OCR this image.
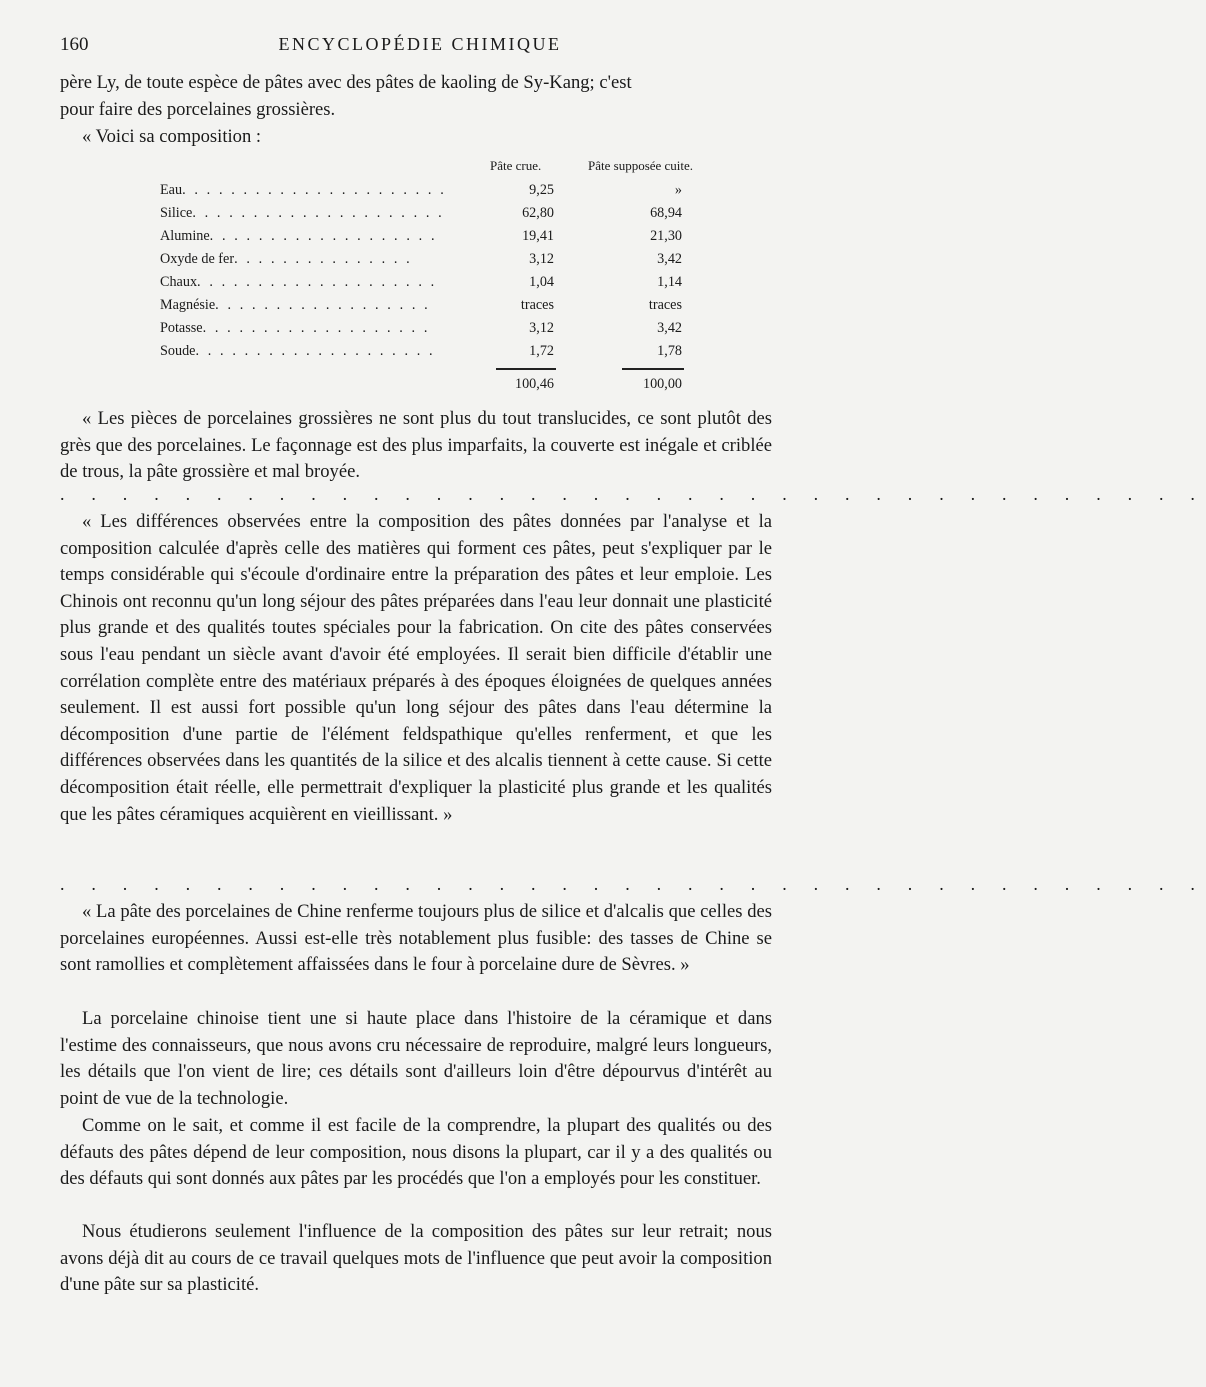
160	ENCYCLOPÉDIE CHIMIQUE

père Ly, de toute espèce de pâtes avec des pâtes de kaoling de Sy-Kang; c'est
pour faire des porcelaines grossières.

« Voici sa composition :

Pâte crue.	Pâte supposée cuite.
Eau. . . . . . . . . . . . . . . . . . . . . .	9,25	»
Silice. . . . . . . . . . . . . . . . . . . . .	62,80	68,94
Alumine. . . . . . . . . . . . . . . . . . .	19,41	21,30
Oxyde de fer. . . . . . . . . . . . . . .	3,12	3,42
Chaux. . . . . . . . . . . . . . . . . . . .	1,04	1,14
Magnésie. . . . . . . . . . . . . . . . . .	traces	traces
Potasse. . . . . . . . . . . . . . . . . . .	3,12	3,42
Soude. . . . . . . . . . . . . . . . . . . .	1,72	1,78
100,46	100,00

« Les pièces de porcelaines grossières ne sont plus du tout translucides, ce sont plutôt des grès que des porcelaines. Le façonnage est des plus imparfaits, la couverte est inégale et criblée de trous, la pâte grossière et mal broyée.

. . . . . . . . . . . . . . . . . . . . . . . . . . . . . . . . . . . . .

« Les différences observées entre la composition des pâtes données par l'analyse et la composition calculée d'après celle des matières qui forment ces pâtes, peut s'expliquer par le temps considérable qui s'écoule d'ordinaire entre la préparation des pâtes et leur emploie. Les Chinois ont reconnu qu'un long séjour des pâtes préparées dans l'eau leur donnait une plasticité plus grande et des qualités toutes spéciales pour la fabrication. On cite des pâtes conservées sous l'eau pendant un siècle avant d'avoir été employées. Il serait bien difficile d'établir une corrélation complète entre des matériaux préparés à des époques éloignées de quelques années seulement. Il est aussi fort possible qu'un long séjour des pâtes dans l'eau détermine la décomposition d'une partie de l'élément feldspathique qu'elles renferment, et que les différences observées dans les quantités de la silice et des alcalis tiennent à cette cause. Si cette décomposition était réelle, elle permettrait d'expliquer la plasticité plus grande et les qualités que les pâtes céramiques acquièrent en vieillissant. »

. . . . . . . . . . . . . . . . . . . . . . . . . . . . . . . . . . . . .

« La pâte des porcelaines de Chine renferme toujours plus de silice et d'alcalis que celles des porcelaines européennes. Aussi est-elle très notablement plus fusible: des tasses de Chine se sont ramollies et complètement affaissées dans le four à porcelaine dure de Sèvres. »

La porcelaine chinoise tient une si haute place dans l'histoire de la céramique et dans l'estime des connaisseurs, que nous avons cru nécessaire de reproduire, malgré leurs longueurs, les détails que l'on vient de lire; ces détails sont d'ailleurs loin d'être dépourvus d'intérêt au point de vue de la technologie.

Comme on le sait, et comme il est facile de la comprendre, la plupart des qualités ou des défauts des pâtes dépend de leur composition, nous disons la plupart, car il y a des qualités ou des défauts qui sont donnés aux pâtes par les procédés que l'on a employés pour les constituer.

Nous étudierons seulement l'influence de la composition des pâtes sur leur retrait; nous avons déjà dit au cours de ce travail quelques mots de l'influence que peut avoir la composition d'une pâte sur sa plasticité.
